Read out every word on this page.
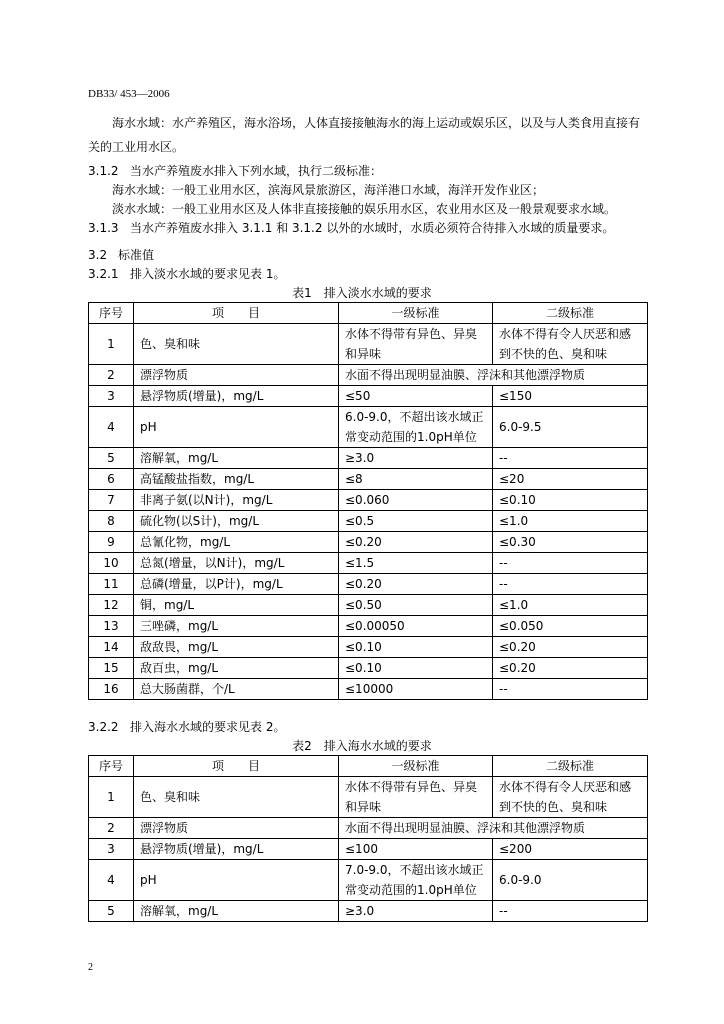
DB33/ 453—2006
海水水域：水产养殖区，海水浴场，人体直接接触海水的海上运动或娱乐区，以及与人类食用直接有
关的工业用水区。
3.1.2 当水产养殖废水排入下列水域，执行二级标准：
海水水域：一般工业用水区，滨海风景旅游区，海洋港口水域，海洋开发作业区；
淡水水域：一般工业用水区及人体非直接接触的娱乐用水区，农业用水区及一般景观要求水域。
3.1.3 当水产养殖废水排入 3.1.1 和 3.1.2 以外的水域时，水质必须符合待排入水域的质量要求。
3.2 标准值
3.2.1 排入淡水水域的要求见表 1。
表1　排入淡水水域的要求
序号	项　　目	一级标准	二级标准
1	色、臭和味	水体不得带有异色、异臭和异味	水体不得有令人厌恶和感到不快的色、臭和味
2	漂浮物质	水面不得出现明显油膜、浮沫和其他漂浮物质	
3	悬浮物质(增量)，mg/L	≤50	≤150
4	pH	6.0-9.0，不超出该水域正常变动范围的1.0pH单位	6.0-9.5
5	溶解氧，mg/L	≥3.0	--
6	高锰酸盐指数，mg/L	≤8	≤20
7	非离子氨(以N计)，mg/L	≤0.060	≤0.10
8	硫化物(以S计)，mg/L	≤0.5	≤1.0
9	总氰化物，mg/L	≤0.20	≤0.30
10	总氮(增量，以N计)，mg/L	≤1.5	--
11	总磷(增量，以P计)，mg/L	≤0.20	--
12	铜，mg/L	≤0.50	≤1.0
13	三唑磷，mg/L	≤0.00050	≤0.050
14	敌敌畏，mg/L	≤0.10	≤0.20
15	敌百虫，mg/L	≤0.10	≤0.20
16	总大肠菌群，个/L	≤10000	--
3.2.2 排入海水水域的要求见表 2。
表2　排入海水水域的要求
序号	项　　目	一级标准	二级标准
1	色、臭和味	水体不得带有异色、异臭和异味	水体不得有令人厌恶和感到不快的色、臭和味
2	漂浮物质	水面不得出现明显油膜、浮沫和其他漂浮物质	
3	悬浮物质(增量)，mg/L	≤100	≤200
4	pH	7.0-9.0，不超出该水域正常变动范围的1.0pH单位	6.0-9.0
5	溶解氧，mg/L	≥3.0	--
2
